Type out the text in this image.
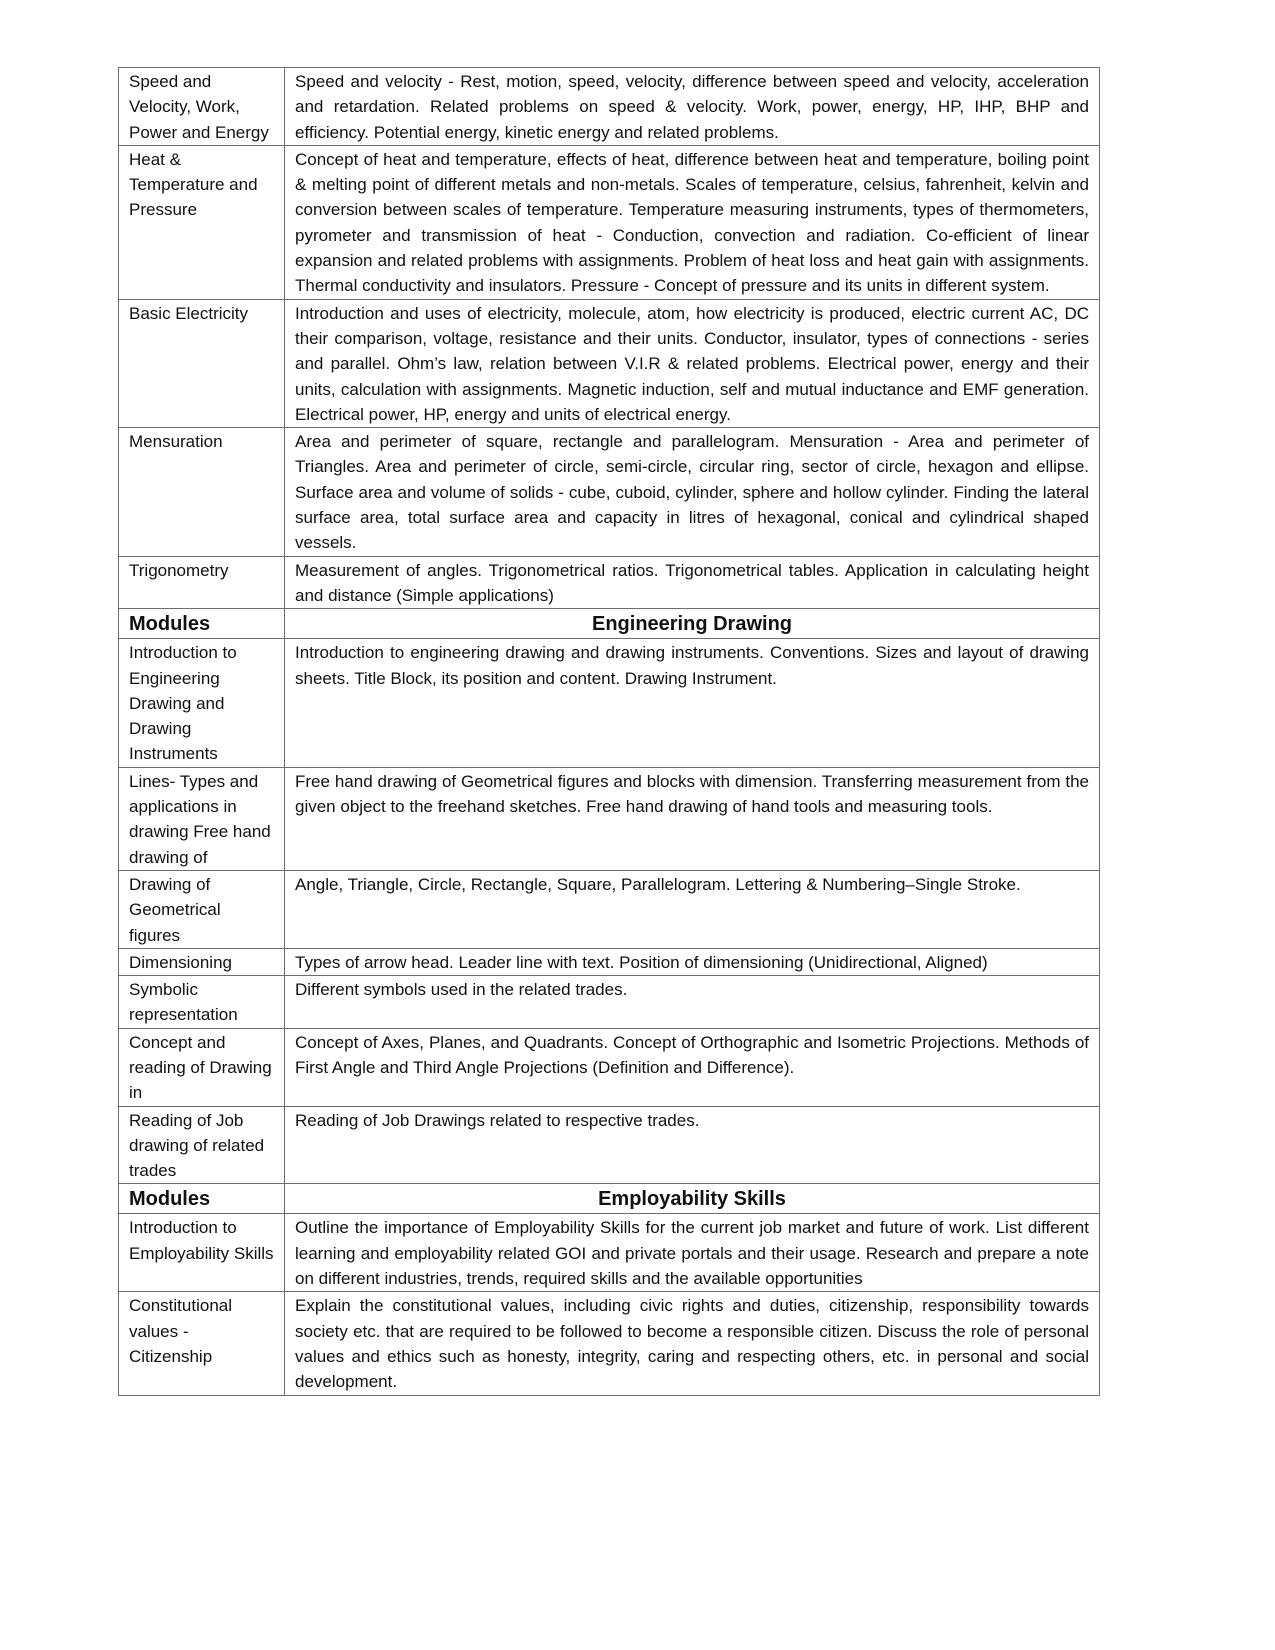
Speed and Velocity, Work, Power and Energy	Speed and velocity - Rest, motion, speed, velocity, difference between speed and velocity, acceleration and retardation. Related problems on speed & velocity. Work, power, energy, HP, IHP, BHP and efficiency. Potential energy, kinetic energy and related problems.
Heat & Temperature and Pressure	Concept of heat and temperature, effects of heat, difference between heat and temperature, boiling point & melting point of different metals and non-metals. Scales of temperature, celsius, fahrenheit, kelvin and conversion between scales of temperature. Temperature measuring instruments, types of thermometers, pyrometer and transmission of heat - Conduction, convection and radiation. Co-efficient of linear expansion and related problems with assignments. Problem of heat loss and heat gain with assignments. Thermal conductivity and insulators. Pressure - Concept of pressure and its units in different system.
Basic Electricity	Introduction and uses of electricity, molecule, atom, how electricity is produced, electric current AC, DC their comparison, voltage, resistance and their units. Conductor, insulator, types of connections - series and parallel. Ohm’s law, relation between V.I.R & related problems. Electrical power, energy and their units, calculation with assignments. Magnetic induction, self and mutual inductance and EMF generation. Electrical power, HP, energy and units of electrical energy.
Mensuration	Area and perimeter of square, rectangle and parallelogram. Mensuration - Area and perimeter of Triangles. Area and perimeter of circle, semi-circle, circular ring, sector of circle, hexagon and ellipse. Surface area and volume of solids - cube, cuboid, cylinder, sphere and hollow cylinder. Finding the lateral surface area, total surface area and capacity in litres of hexagonal, conical and cylindrical shaped vessels.
Trigonometry	Measurement of angles. Trigonometrical ratios. Trigonometrical tables. Application in calculating height and distance (Simple applications)
Modules	Engineering Drawing
Introduction to Engineering Drawing and Drawing Instruments	Introduction to engineering drawing and drawing instruments. Conventions. Sizes and layout of drawing sheets. Title Block, its position and content. Drawing Instrument.
Lines- Types and applications in drawing Free hand drawing of	Free hand drawing of Geometrical figures and blocks with dimension. Transferring measurement from the given object to the freehand sketches. Free hand drawing of hand tools and measuring tools.
Drawing of Geometrical figures	Angle, Triangle, Circle, Rectangle, Square, Parallelogram. Lettering & Numbering–Single Stroke.
Dimensioning	Types of arrow head. Leader line with text. Position of dimensioning (Unidirectional, Aligned)
Symbolic representation	Different symbols used in the related trades.
Concept and reading of Drawing in	Concept of Axes, Planes, and Quadrants. Concept of Orthographic and Isometric Projections. Methods of First Angle and Third Angle Projections (Definition and Difference).
Reading of Job drawing of related trades	Reading of Job Drawings related to respective trades.
Modules	Employability Skills
Introduction to Employability Skills	Outline the importance of Employability Skills for the current job market and future of work. List different learning and employability related GOI and private portals and their usage. Research and prepare a note on different industries, trends, required skills and the available opportunities
Constitutional values - Citizenship	Explain the constitutional values, including civic rights and duties, citizenship, responsibility towards society etc. that are required to be followed to become a responsible citizen. Discuss the role of personal values and ethics such as honesty, integrity, caring and respecting others, etc. in personal and social development.
